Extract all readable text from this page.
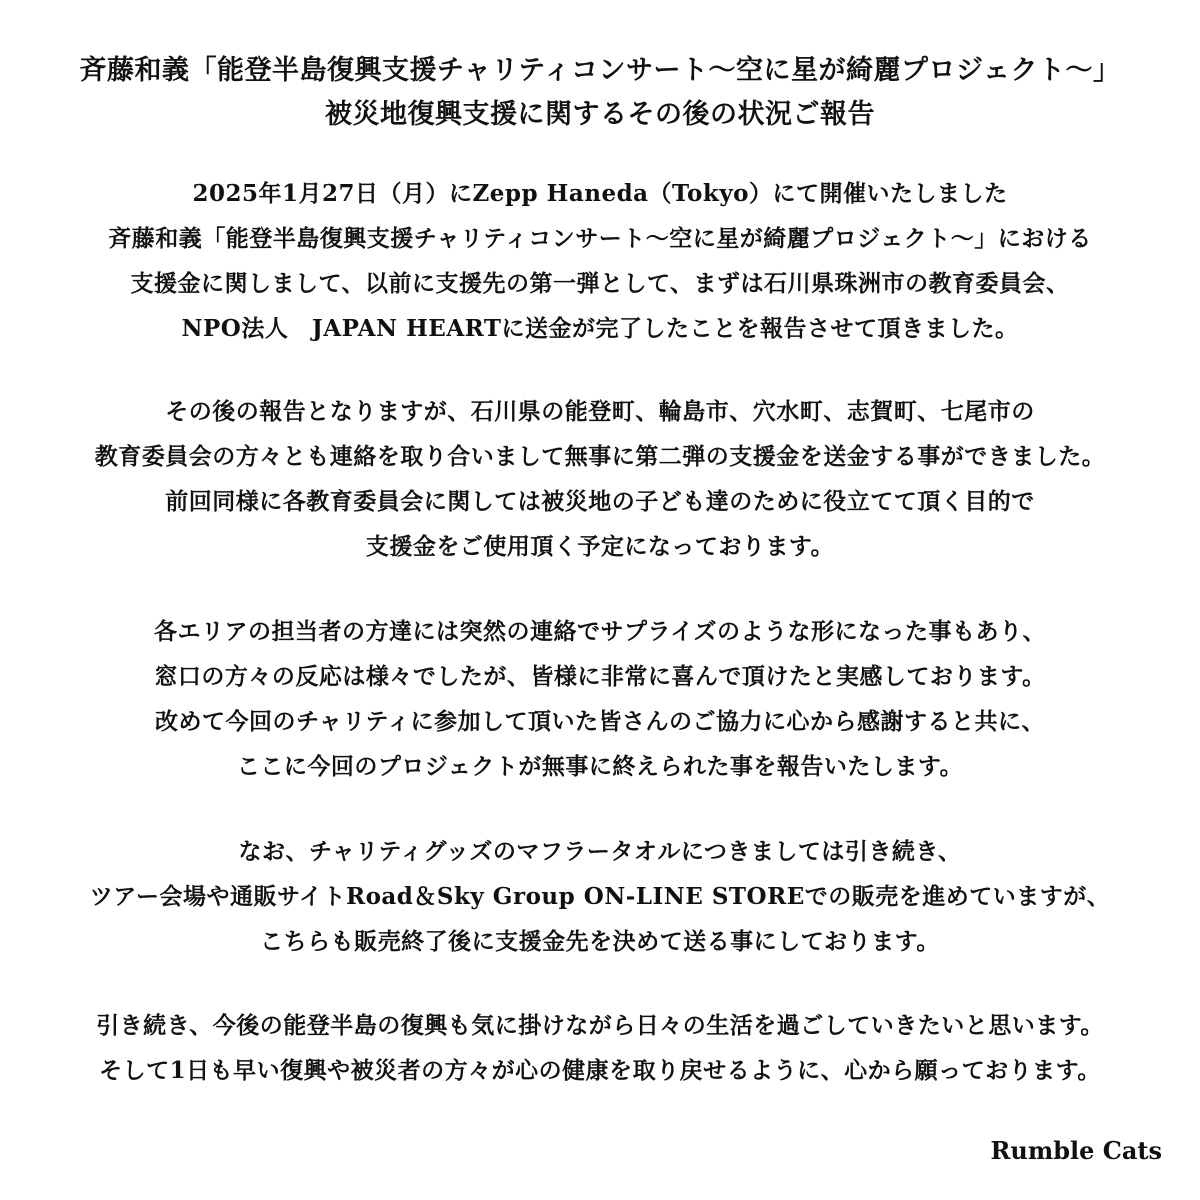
斉藤和義「能登半島復興支援チャリティコンサート〜空に星が綺麗プロジェクト〜」
被災地復興支援に関するその後の状況ご報告
2025年1月27日（月）にZepp Haneda（Tokyo）にて開催いたしました
斉藤和義「能登半島復興支援チャリティコンサート〜空に星が綺麗プロジェクト〜」における
支援金に関しまして、以前に支援先の第一弾として、まずは石川県珠洲市の教育委員会、
NPO法人　JAPAN HEARTに送金が完了したことを報告させて頂きました。
その後の報告となりますが、石川県の能登町、輪島市、穴水町、志賀町、七尾市の
教育委員会の方々とも連絡を取り合いまして無事に第二弾の支援金を送金する事ができました。
前回同様に各教育委員会に関しては被災地の子ども達のために役立てて頂く目的で
支援金をご使用頂く予定になっております。
各エリアの担当者の方達には突然の連絡でサプライズのような形になった事もあり、
窓口の方々の反応は様々でしたが、皆様に非常に喜んで頂けたと実感しております。
改めて今回のチャリティに参加して頂いた皆さんのご協力に心から感謝すると共に、
ここに今回のプロジェクトが無事に終えられた事を報告いたします。
なお、チャリティグッズのマフラータオルにつきましては引き続き、
ツアー会場や通販サイトRoad＆Sky Group ON-LINE STOREでの販売を進めていますが、
こちらも販売終了後に支援金先を決めて送る事にしております。
引き続き、今後の能登半島の復興も気に掛けながら日々の生活を過ごしていきたいと思います。
そして1日も早い復興や被災者の方々が心の健康を取り戻せるように、心から願っております。
Rumble Cats
